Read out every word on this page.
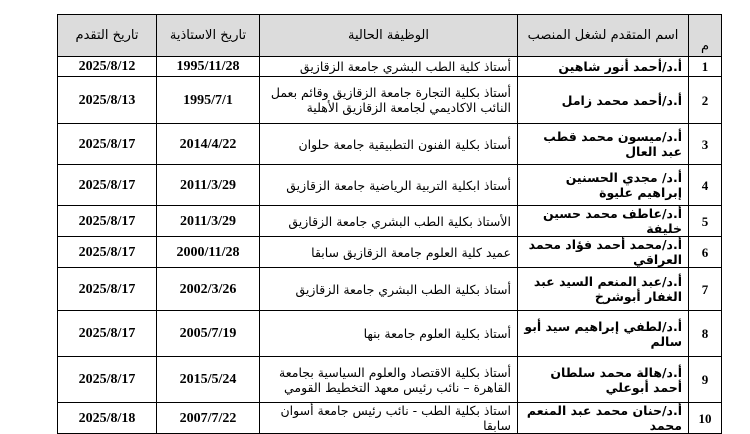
م	اسم المتقدم لشغل المنصب	الوظيفة الحالية	تاريخ الاستاذية	تاريخ التقدم
1	أ.د/أحمد أنور شاهين	أستاذ كلية الطب البشري جامعة الزقازيق	1995/11/28	2025/8/12
2	أ.د/أحمد محمد زامل	أستاذ بكلية التجارة جامعة الزقازيق وقائم بعمل النائب الاكاديمي لجامعة الزقازيق الأهلية	1995/7/1	2025/8/13
3	أ.د/ميسون محمد قطب عبد العال	أستاذ بكلية الفنون التطبيقية جامعة حلوان	2014/4/22	2025/8/17
4	أ.د/ مجدي الحسنين إبراهيم عليوة	أستاذ ابكلية التربية الرياضية جامعة الزقازيق	2011/3/29	2025/8/17
5	أ.د/عاطف محمد حسين خليفة	الأستاذ بكلية الطب البشري جامعة الزقازيق	2011/3/29	2025/8/17
6	أ.د/محمد أحمد فؤاد محمد العراقي	عميد كلية العلوم جامعة الزقازيق سابقا	2000/11/28	2025/8/17
7	أ.د/عبد المنعم السيد عبد الغفار أبوشرخ	أستاذ بكلية الطب البشري جامعة الزقازيق	2002/3/26	2025/8/17
8	أ.د/لطفي إبراهيم سيد أبو سالم	أستاذ بكلية العلوم جامعة بنها	2005/7/19	2025/8/17
9	أ.د/هالة محمد سلطان أحمد أبوعلي	أستاذ بكلية الاقتصاد والعلوم السياسية بجامعة القاهرة – نائب رئيس معهد التخطيط القومي	2015/5/24	2025/8/17
10	أ.د/حنان محمد عبد المنعم محمد	استاذ بكلية الطب - نائب رئيس جامعة أسوان سابقا	2007/7/22	2025/8/18
